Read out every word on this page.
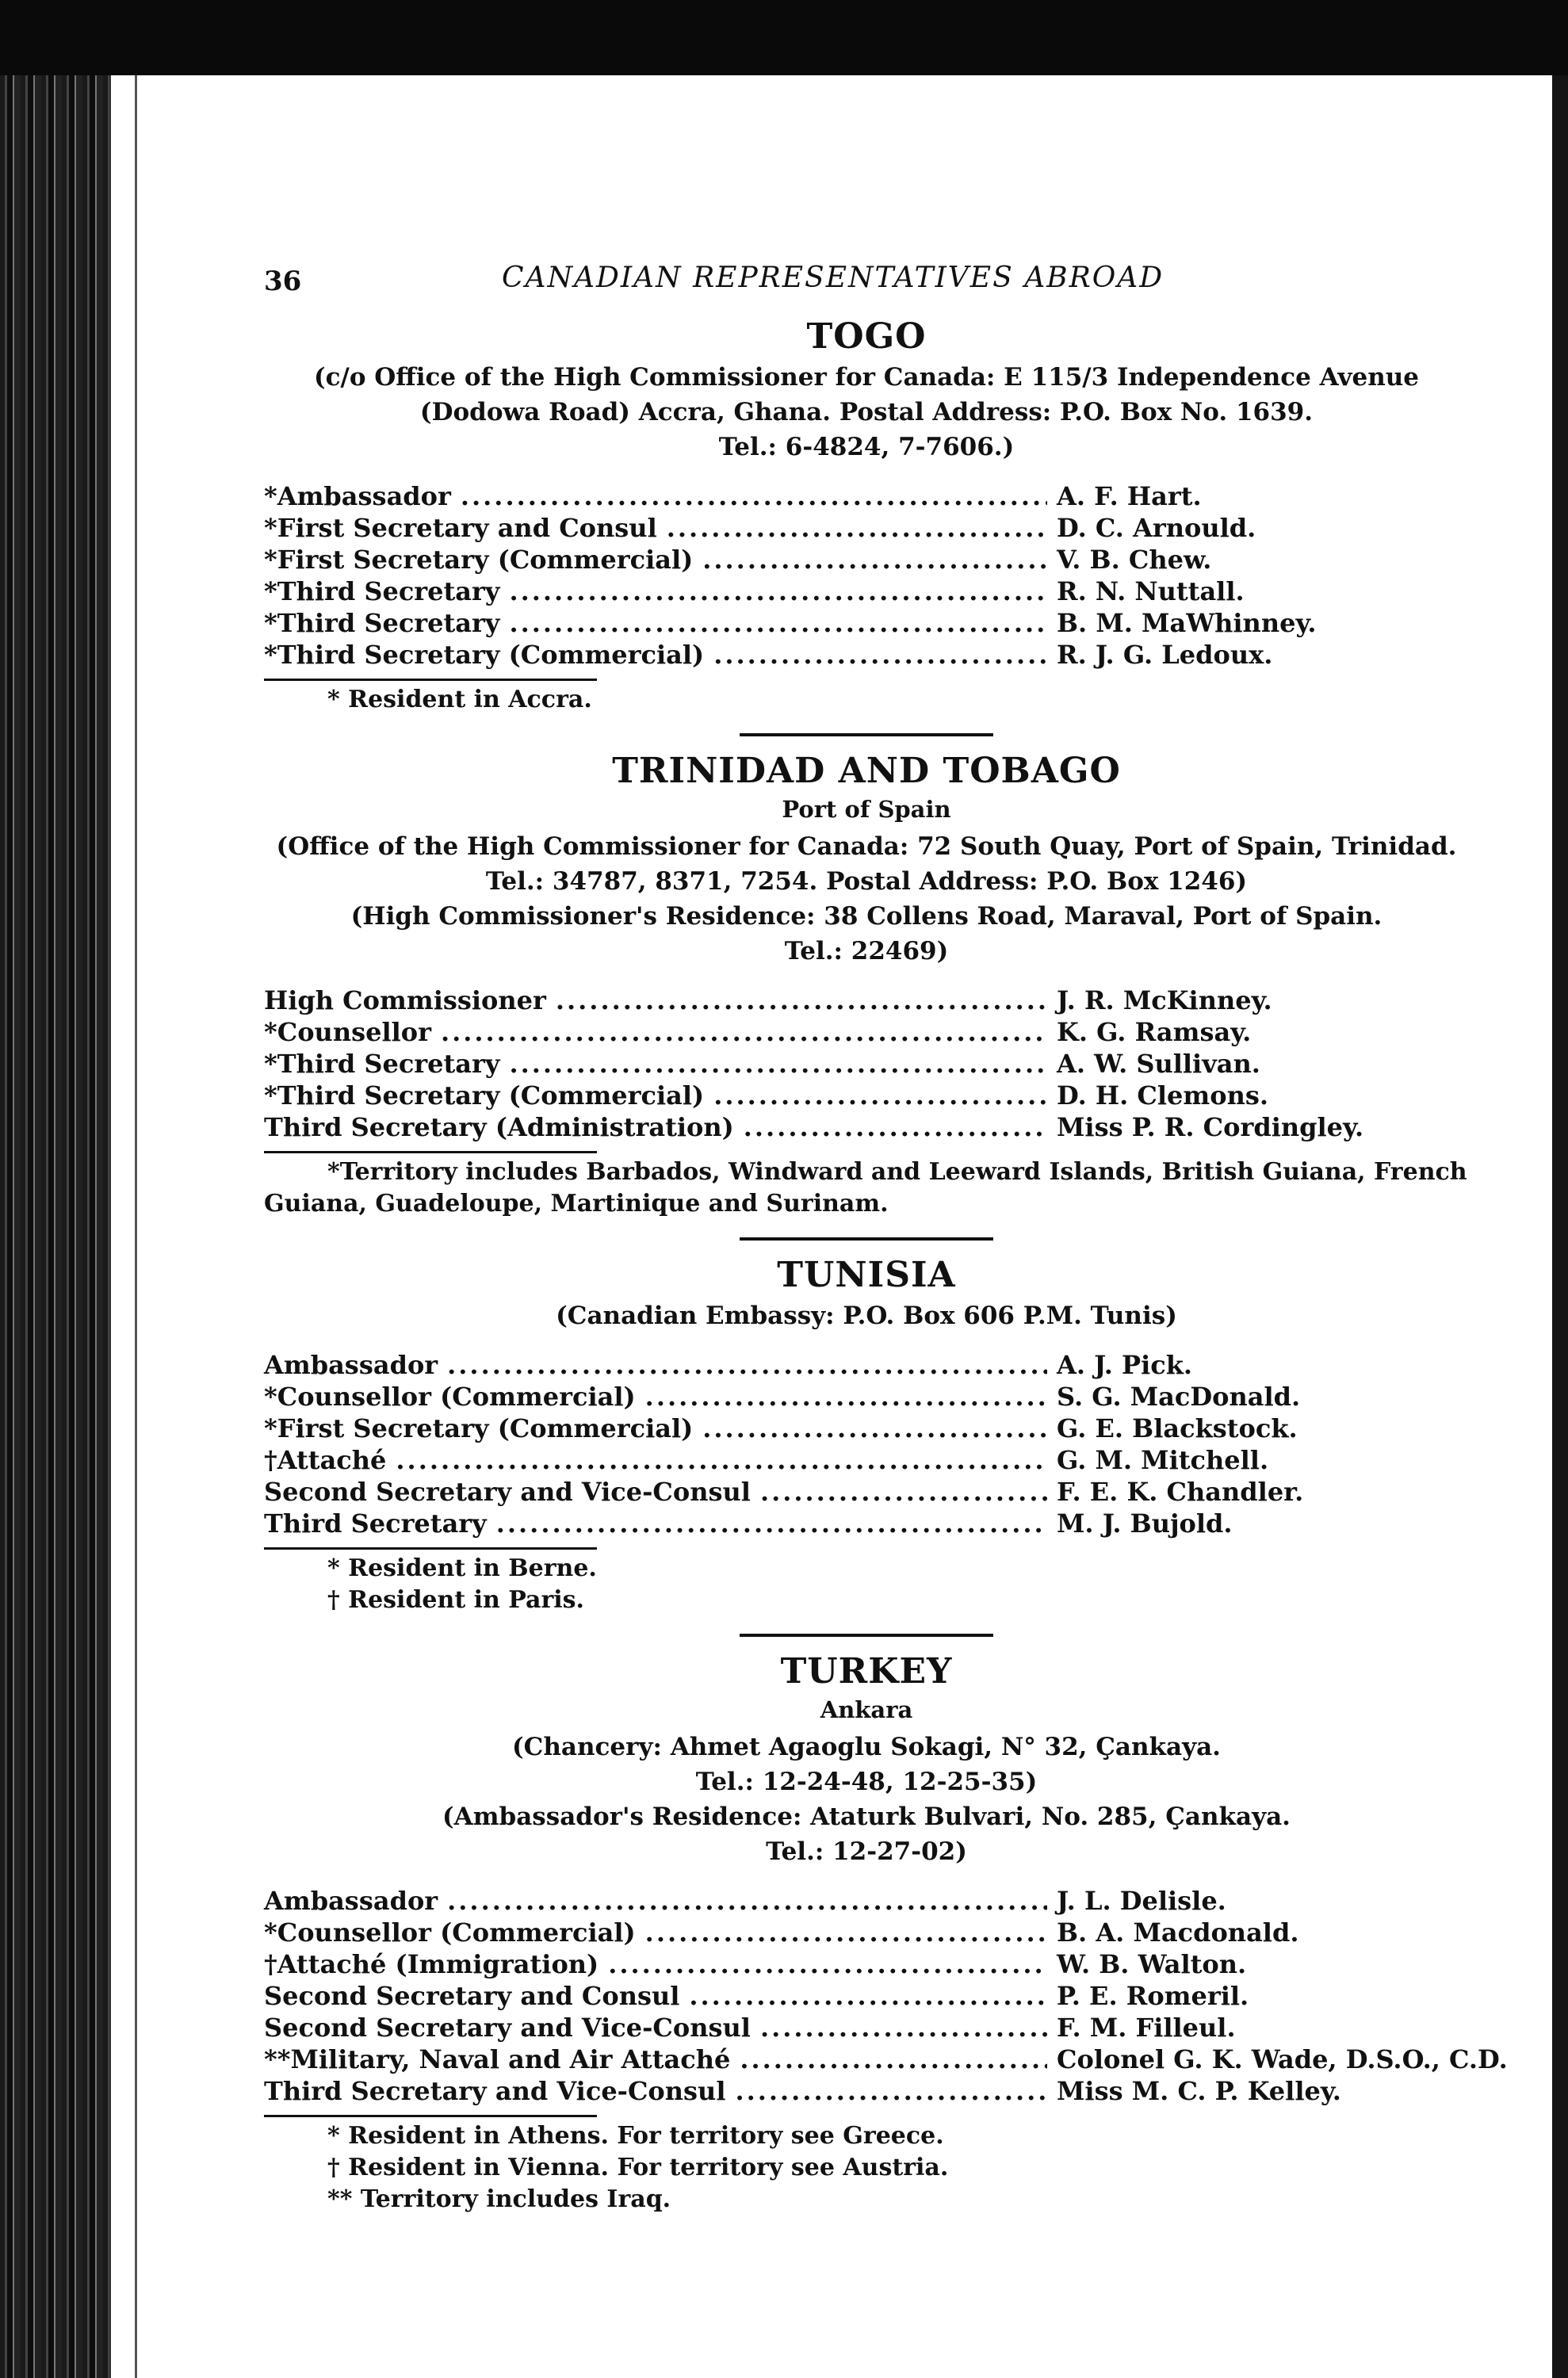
36	CANADIAN REPRESENTATIVES ABROAD
TOGO
(c/o Office of the High Commissioner for Canada: E 115/3 Independence Avenue
(Dodowa Road) Accra, Ghana. Postal Address: P.O. Box No. 1639.
Tel.: 6-4824, 7-7606.)
*Ambassador .....	A. F. Hart.
*First Secretary and Consul .....	D. C. Arnould.
*First Secretary (Commercial) .....	V. B. Chew.
*Third Secretary .....	R. N. Nuttall.
*Third Secretary .....	B. M. MaWhinney.
*Third Secretary (Commercial) .....	R. J. G. Ledoux.
* Resident in Accra.
TRINIDAD AND TOBAGO
Port of Spain
(Office of the High Commissioner for Canada: 72 South Quay, Port of Spain, Trinidad.
Tel.: 34787, 8371, 7254. Postal Address: P.O. Box 1246)
(High Commissioner's Residence: 38 Collens Road, Maraval, Port of Spain.
Tel.: 22469)
High Commissioner .....	J. R. McKinney.
*Counsellor .....	K. G. Ramsay.
*Third Secretary .....	A. W. Sullivan.
*Third Secretary (Commercial) .....	D. H. Clemons.
Third Secretary (Administration) .....	Miss P. R. Cordingley.
*Territory includes Barbados, Windward and Leeward Islands, British Guiana, French Guiana, Guadeloupe, Martinique and Surinam.
TUNISIA
(Canadian Embassy: P.O. Box 606 P.M. Tunis)
Ambassador .....	A. J. Pick.
*Counsellor (Commercial) .....	S. G. MacDonald.
*First Secretary (Commercial) .....	G. E. Blackstock.
†Attaché .....	G. M. Mitchell.
Second Secretary and Vice-Consul .....	F. E. K. Chandler.
Third Secretary .....	M. J. Bujold.
* Resident in Berne.
† Resident in Paris.
TURKEY
Ankara
(Chancery: Ahmet Agaoglu Sokagi, N° 32, Çankaya.
Tel.: 12-24-48, 12-25-35)
(Ambassador's Residence: Ataturk Bulvari, No. 285, Çankaya.
Tel.: 12-27-02)
Ambassador .....	J. L. Delisle.
*Counsellor (Commercial) .....	B. A. Macdonald.
†Attaché (Immigration) .....	W. B. Walton.
Second Secretary and Consul .....	P. E. Romeril.
Second Secretary and Vice-Consul .....	F. M. Filleul.
**Military, Naval and Air Attaché .....	Colonel G. K. Wade, D.S.O., C.D.
Third Secretary and Vice-Consul .....	Miss M. C. P. Kelley.
* Resident in Athens. For territory see Greece.
† Resident in Vienna. For territory see Austria.
** Territory includes Iraq.
